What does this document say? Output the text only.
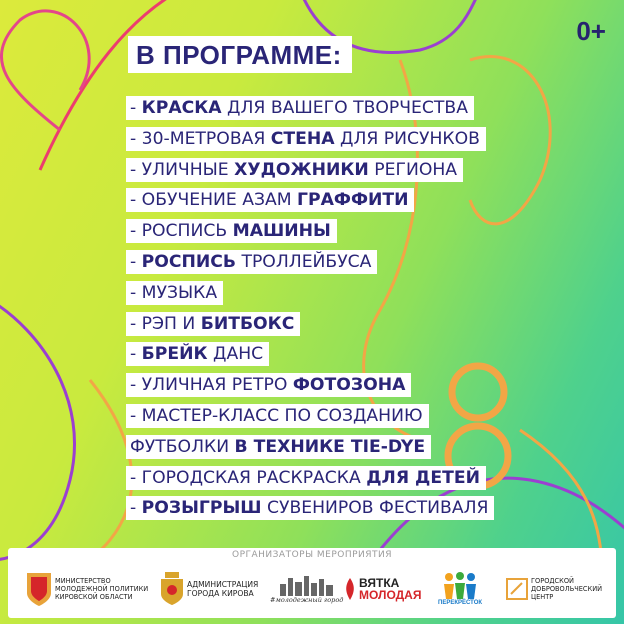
0+
В ПРОГРАММЕ:
- КРАСКА ДЛЯ ВАШЕГО ТВОРЧЕСТВА
- 30-МЕТРОВАЯ СТЕНА ДЛЯ РИСУНКОВ
- УЛИЧНЫЕ ХУДОЖНИКИ РЕГИОНА
- ОБУЧЕНИЕ АЗАМ ГРАФФИТИ
- РОСПИСЬ МАШИНЫ
- РОСПИСЬ ТРОЛЛЕЙБУСА
- МУЗЫКА
- РЭП И БИТБОКС
- БРЕЙК ДАНС
- УЛИЧНАЯ РЕТРО ФОТОЗОНА
- МАСТЕР-КЛАСС ПО СОЗДАНИЮ
ФУТБОЛКИ В ТЕХНИКЕ TIE-DYE
- ГОРОДСКАЯ РАСКРАСКА ДЛЯ ДЕТЕЙ
- РОЗЫГРЫШ СУВЕНИРОВ ФЕСТИВАЛЯ
ОРГАНИЗАТОРЫ МЕРОПРИЯТИЯ
МИНИСТЕРСТВО
МОЛОДЕЖНОЙ ПОЛИТИКИ
КИРОВСКОЙ ОБЛАСТИ
АДМИНИСТРАЦИЯ
ГОРОДА КИРОВА
#молодежный город
ВЯТКА
МОЛОДАЯ
ПЕРЕКРЁСТОК
ГОРОДСКОЙ
ДОБРОВОЛЬЧЕСКИЙ
ЦЕНТР
